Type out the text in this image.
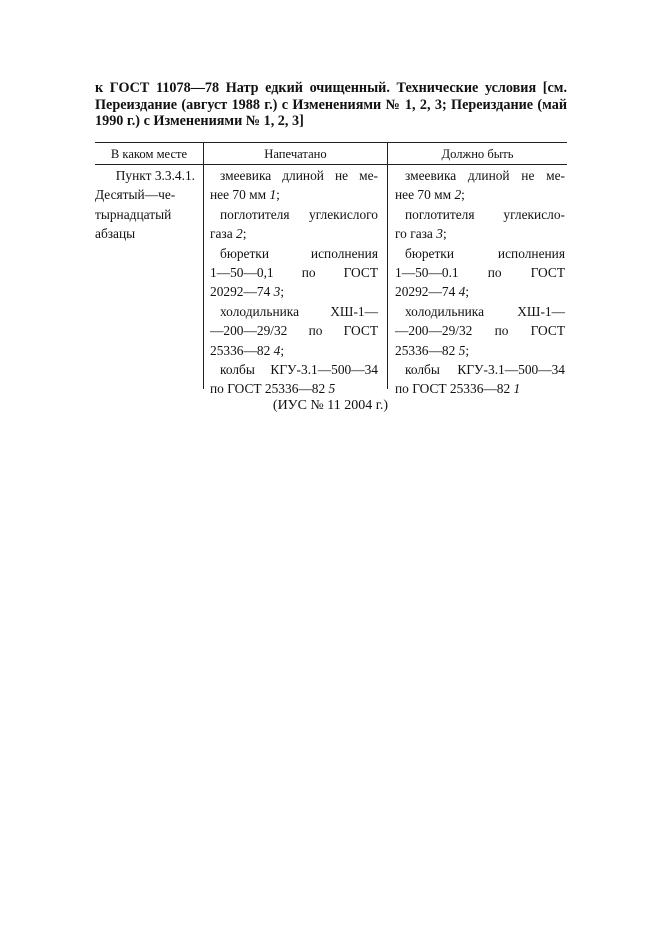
к ГОСТ 11078—78 Натр едкий очищенный. Технические условия [см. Переиздание (август 1988 г.) с Изменениями № 1, 2, 3; Переиздание (май 1990 г.) с Изменениями № 1, 2, 3]
В каком месте	Напечатано	Должно быть
Пункт 3.3.4.1.
Десятый—че-
тырнадцатый
абзацы
змеевика длиной не ме-
нее 70 мм 1;
поглотителя углекислого
газа 2;
бюретки исполнения
1—50—0,1 по ГОСТ
20292—74 3;
холодильника ХШ-1—
—200—29/32 по ГОСТ
25336—82 4;
колбы КГУ-3.1—500—34
по ГОСТ 25336—82 5
змеевика длиной не ме-
нее 70 мм 2;
поглотителя углекисло-
го газа 3;
бюретки исполнения
1—50—0.1 по ГОСТ
20292—74 4;
холодильника ХШ-1—
—200—29/32 по ГОСТ
25336—82 5;
колбы КГУ-3.1—500—34
по ГОСТ 25336—82 1
(ИУС № 11 2004 г.)
